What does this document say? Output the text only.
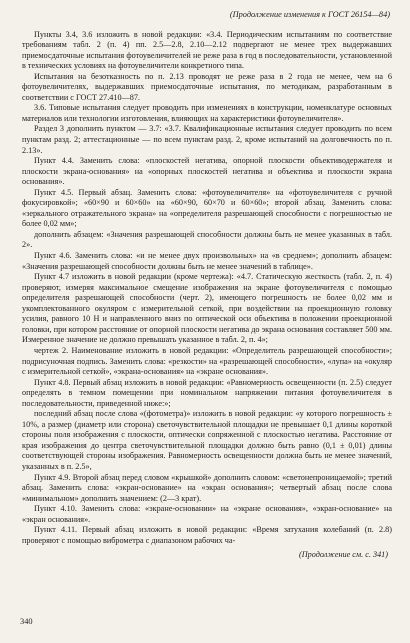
(Продолжение изменения к ГОСТ 26154—84)

Пункты 3.4, 3.6 изложить в новой редакции: «3.4. Периодическим испытаниям по соответствие требованиям табл. 2 (п. 4) пп. 2.5—2.8, 2.10—2.12 подвергают не менее трех выдержавших приемосдаточные испытания фотоувеличителей не реже раза в год в последовательности, установленной в технических условиях на фотоувеличители конкретного типа.

Испытания на безотказность по п. 2.13 проводят не реже раза в 2 года не менее, чем на 6 фотоувеличителях, выдержавших приемосдаточные испытания, по методикам, разработанным в соответствии с ГОСТ 27.410—87.

3.6. Типовые испытания следует проводить при изменениях в конструкции, номенклатуре основных материалов или технологии изготовления, влияющих на характеристики фотоувеличителя».

Раздел 3 дополнить пунктом — 3.7: «3.7. Квалификационные испытания следует проводить по всем пунктам разд. 2; аттестационные — по всем пунктам разд. 2, кроме испытаний на долговечность по п. 2.13».

Пункт 4.4. Заменить слова: «плоскостей негатива, опорной плоскости объективодержателя и плоскости экрана-основания» на «опорных плоскостей негатива и объектива и плоскости экрана основания».

Пункт 4.5. Первый абзац. Заменить слова: «фотоувеличителя» на «фотоувеличителя с ручной фокусировкой»; «60×90 и 60×60» на «60×90, 60×70 и 60×60»; второй абзац. Заменить слова: «зеркального отражательного экрана» на «определителя разрешающей способности с погрешностью не более 0,02 мм»;

дополнить абзацем: «Значения разрешающей способности должны быть не менее указанных в табл. 2».

Пункт 4.6. Заменить слова: «и не менее двух произвольных» на «в среднем»; дополнить абзацем: «Значения разрешающей способности должны быть не менее значений в таблице».

Пункт 4.7 изложить в новой редакции (кроме чертежа): «4.7. Статическую жесткость (табл. 2, п. 4) проверяют, измеряя максимальное смещение изображения на экране фотоувеличителя с помощью определителя разрешающей способности (черт. 2), имеющего погрешность не более 0,02 мм и укомплектованного окуляром с измерительной сеткой, при воздействии на проекционную головку усилия, равного 10 Н и направленного вниз по оптической оси объектива в положении проекционной головки, при котором расстояние от опорной плоскости негатива до экрана основания составляет 500 мм. Измеренное значение не должно превышать указанное в табл. 2, п. 4»;

чертеж 2. Наименование изложить в новой редакции: «Определитель разрешающей способности»; подрисуночная подпись. Заменить слова: «резкости» на «разрешающей способности», «лупа» на «окуляр с измерительной сеткой», «экрана-основания» на «экране основания».

Пункт 4.8. Первый абзац изложить в новой редакции: «Равномерность освещенности (п. 2.5) следует определять в темном помещении при номинальном напряжении питания фотоувеличителя в последовательности, приведенной ниже:»;

последний абзац после слова «(фотометра)» изложить в новой редакции: «у которого погрешность ± 10%, а размер (диаметр или сторона) светочувствительной площадки не превышает 0,1 длины короткой стороны поля изображения с плоскости, оптически сопряженной с плоскостью негатива. Расстояние от края изображения до центра светочувствительной площадки должно быть равно (0,1 ± 0,01) длины соответствующей стороны изображения. Равномерность освещенности должна быть не менее значений, указанных в п. 2.5»,

Пункт 4.9. Второй абзац перед словом «крышкой» дополнить словом: «светонепроницаемой»; третий абзац. Заменить слова: «экран-основание» на «экран основания»; четвертый абзац после слова «минимальном» дополнить значением: (2—3 крат).

Пункт 4.10. Заменить слова: «экране-основании» на «экране основания», «экран-основание» на «экран основания».

Пункт 4.11. Первый абзац изложить в новой редакции: «Время затухания колебаний (п. 2.8) проверяют с помощью виброметра с диапазоном рабочих ча-

(Продолжение см. с. 341)
340
